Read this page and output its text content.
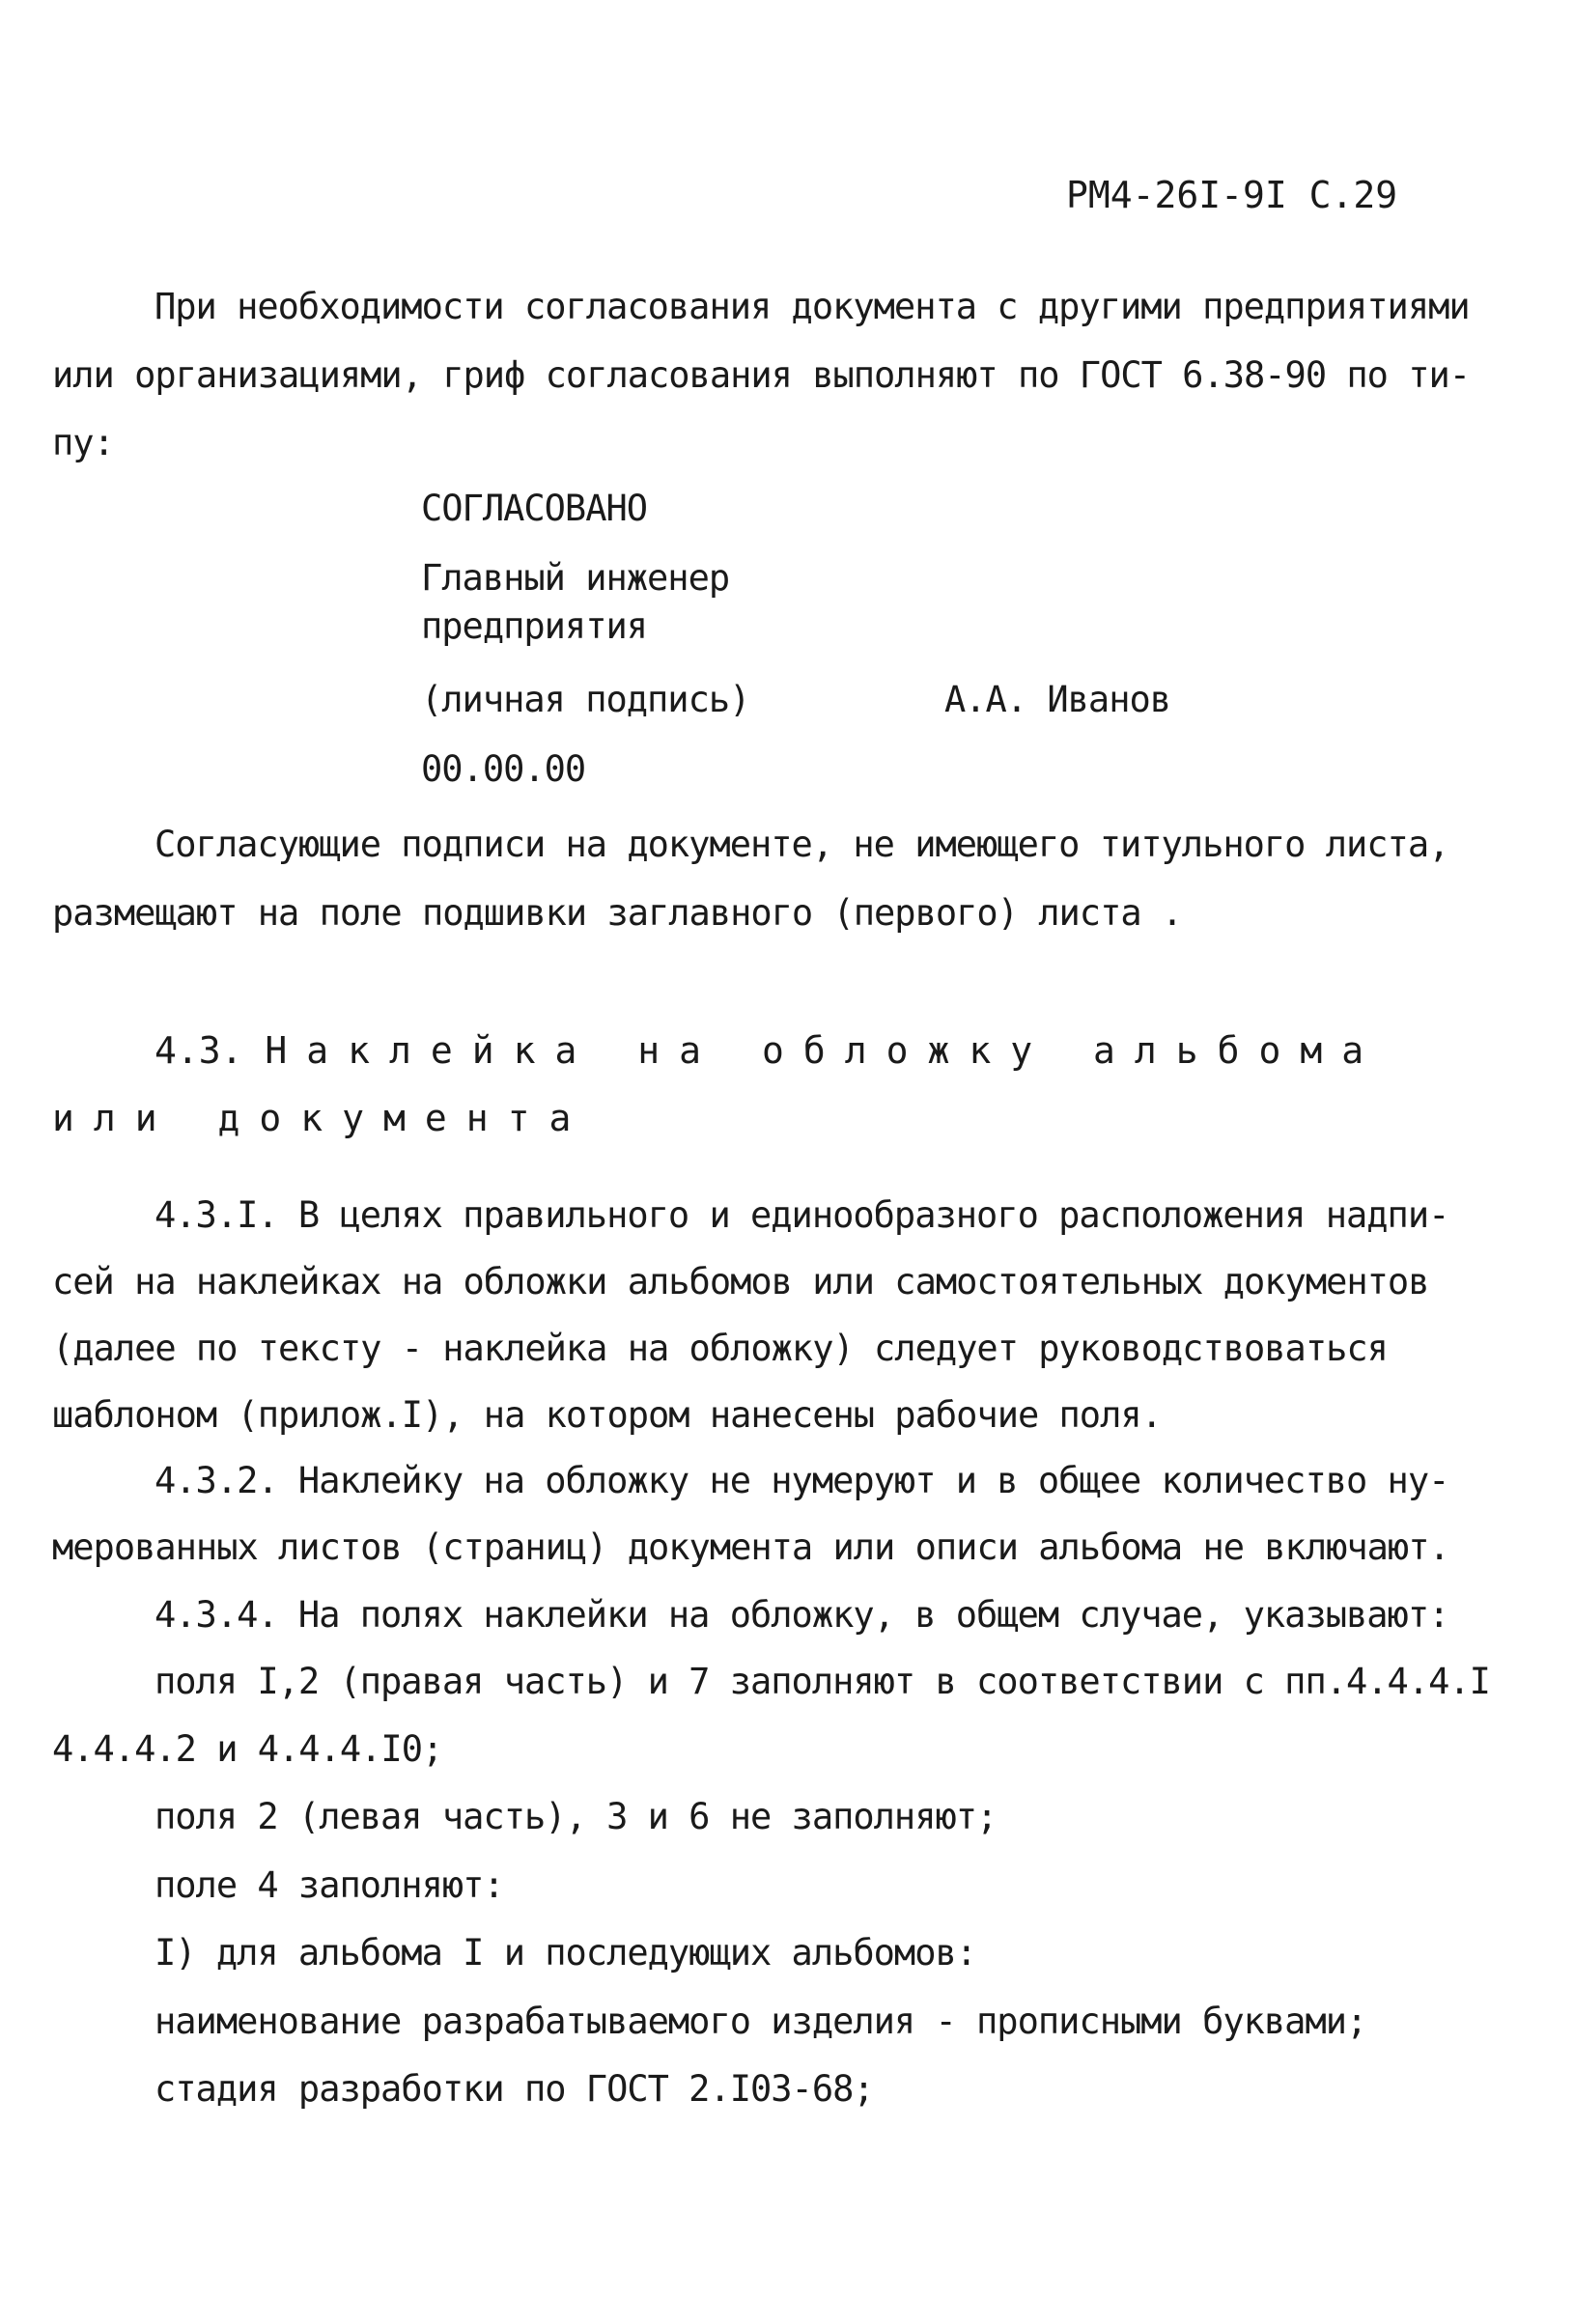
РМ4-26I-9I С.29
При необходимости согласования документа с другими предприятиями
или организациями, гриф согласования выполняют по ГОСТ 6.38-90 по ти-
пу:
СОГЛАСОВАНО
Главный инженер
предприятия
(личная подпись)	А.А. Иванов
00.00.00
Согласующие подписи на документе, не имеющего титульного листа,
размещают на поле подшивки заглавного (первого) листа .
4.3. Наклейка на обложку альбома
или документа
4.3.I. В целях правильного и единообразного расположения надпи-
сей на наклейках на обложки альбомов или самостоятельных документов
(далее по тексту - наклейка на обложку) следует руководствоваться
шаблоном (прилож.I), на котором нанесены рабочие поля.
4.3.2. Наклейку на обложку не нумеруют и в общее количество ну-
мерованных листов (страниц) документа или описи альбома не включают.
4.3.4. На полях наклейки на обложку, в общем случае, указывают:
поля I,2 (правая часть) и 7 заполняют в соответствии с пп.4.4.4.I
4.4.4.2 и 4.4.4.I0;
поля 2 (левая часть), 3 и 6 не заполняют;
поле 4 заполняют:
I) для альбома I и последующих альбомов:
наименование разрабатываемого изделия - прописными буквами;
стадия разработки по ГОСТ 2.I03-68;
